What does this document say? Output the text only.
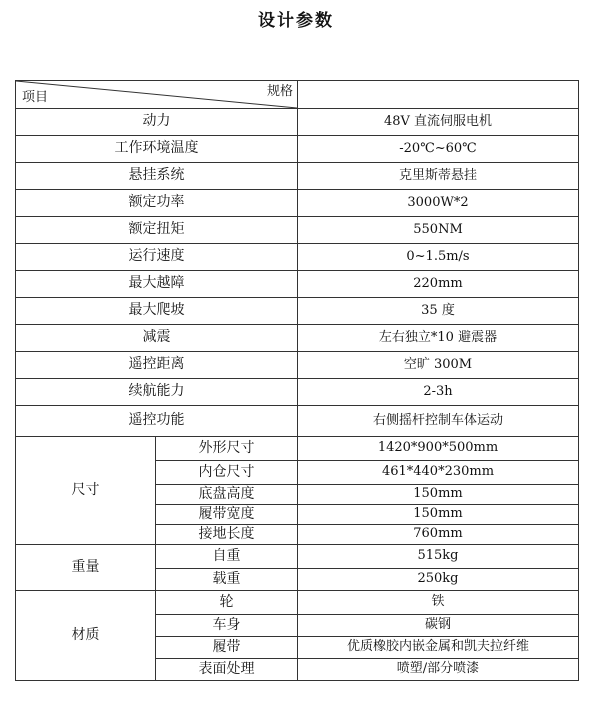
设计参数
项目 规格		

动力		48V 直流伺服电机
工作环境温度		-20℃~60℃
悬挂系统		克里斯蒂悬挂
额定功率		3000W*2
额定扭矩		550NM
运行速度		0~1.5m/s
最大越障		220mm
最大爬坡		35 度
减震		左右独立*10 避震器
遥控距离		空旷 300M
续航能力		2-3h
遥控功能		右侧摇杆控制车体运动
尺寸	外形尺寸	1420*900*500mm
	内仓尺寸	461*440*230mm
	底盘高度	150mm
	履带宽度	150mm
	接地长度	760mm
重量	自重	515kg
	载重	250kg
材质	轮	铁
	车身	碳钢
	履带	优质橡胶内嵌金属和凯夫拉纤维
	表面处理	喷塑/部分喷漆
